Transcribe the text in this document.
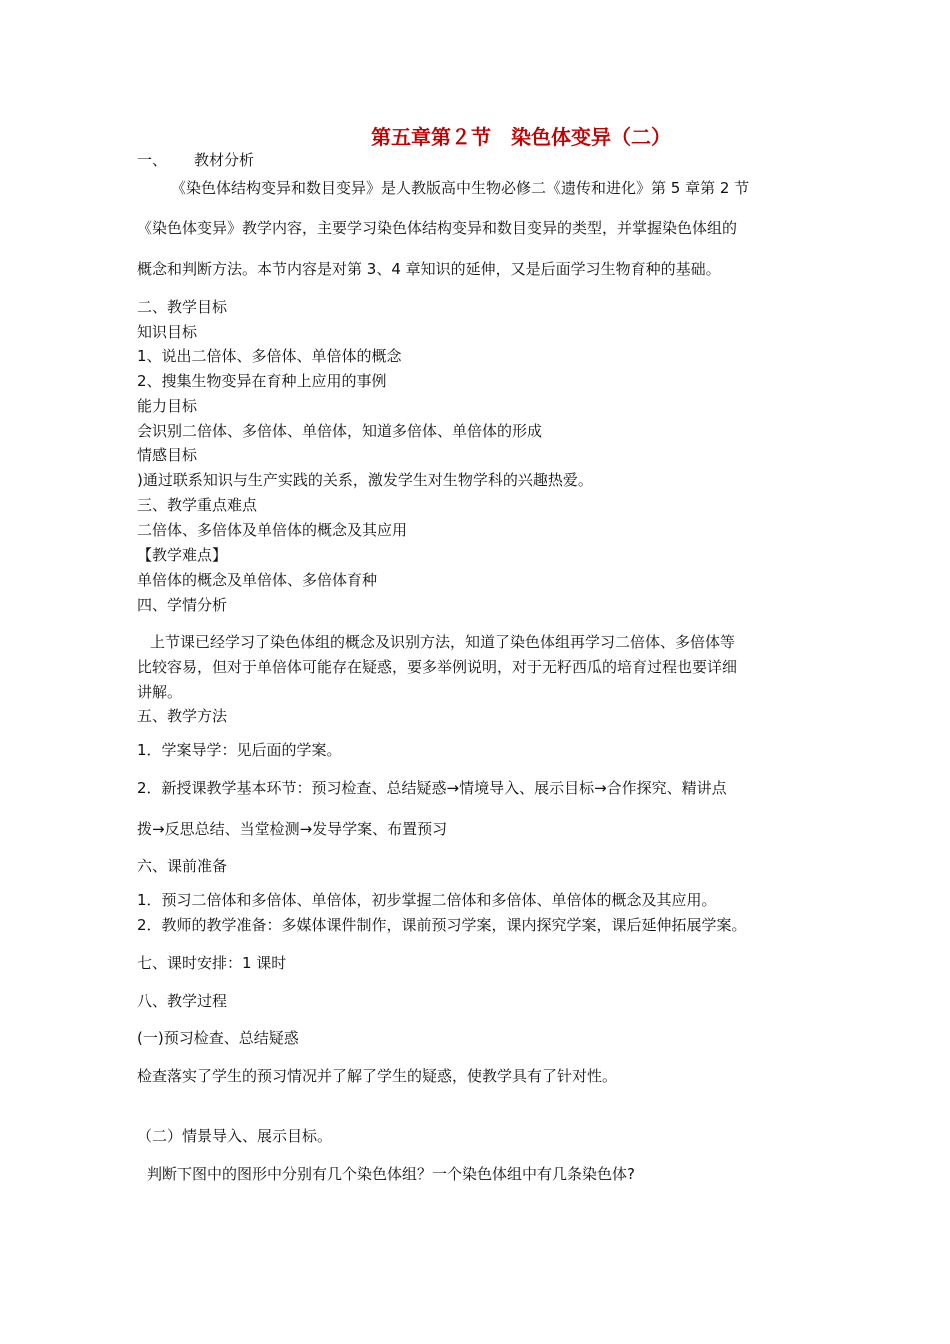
第五章第２节　染色体变异（二）
一、 教材分析
《染色体结构变异和数目变异》是人教版高中生物必修二《遗传和进化》第 5 章第 2 节
《染色体变异》教学内容，主要学习染色体结构变异和数目变异的类型，并掌握染色体组的
概念和判断方法。本节内容是对第 3、4 章知识的延伸，又是后面学习生物育种的基础。
二、教学目标
知识目标
1、说出二倍体、多倍体、单倍体的概念
2、搜集生物变异在育种上应用的事例
能力目标
会识别二倍体、多倍体、单倍体，知道多倍体、单倍体的形成
情感目标
)通过联系知识与生产实践的关系，激发学生对生物学科的兴趣热爱。
三、教学重点难点
二倍体、多倍体及单倍体的概念及其应用
【教学难点】
单倍体的概念及单倍体、多倍体育种
四、学情分析
上节课已经学习了染色体组的概念及识别方法，知道了染色体组再学习二倍体、多倍体等
比较容易，但对于单倍体可能存在疑惑，要多举例说明，对于无籽西瓜的培育过程也要详细
讲解。
五、教学方法
1．学案导学：见后面的学案。
2．新授课教学基本环节：预习检查、总结疑惑→情境导入、展示目标→合作探究、精讲点
拨→反思总结、当堂检测→发导学案、布置预习
六、课前准备
1．预习二倍体和多倍体、单倍体，初步掌握二倍体和多倍体、单倍体的概念及其应用。
2．教师的教学准备：多媒体课件制作，课前预习学案，课内探究学案，课后延伸拓展学案。
七、课时安排：1 课时
八、教学过程
(一)预习检查、总结疑惑
检查落实了学生的预习情况并了解了学生的疑惑，使教学具有了针对性。
（二）情景导入、展示目标。
判断下图中的图形中分别有几个染色体组？一个染色体组中有几条染色体?
